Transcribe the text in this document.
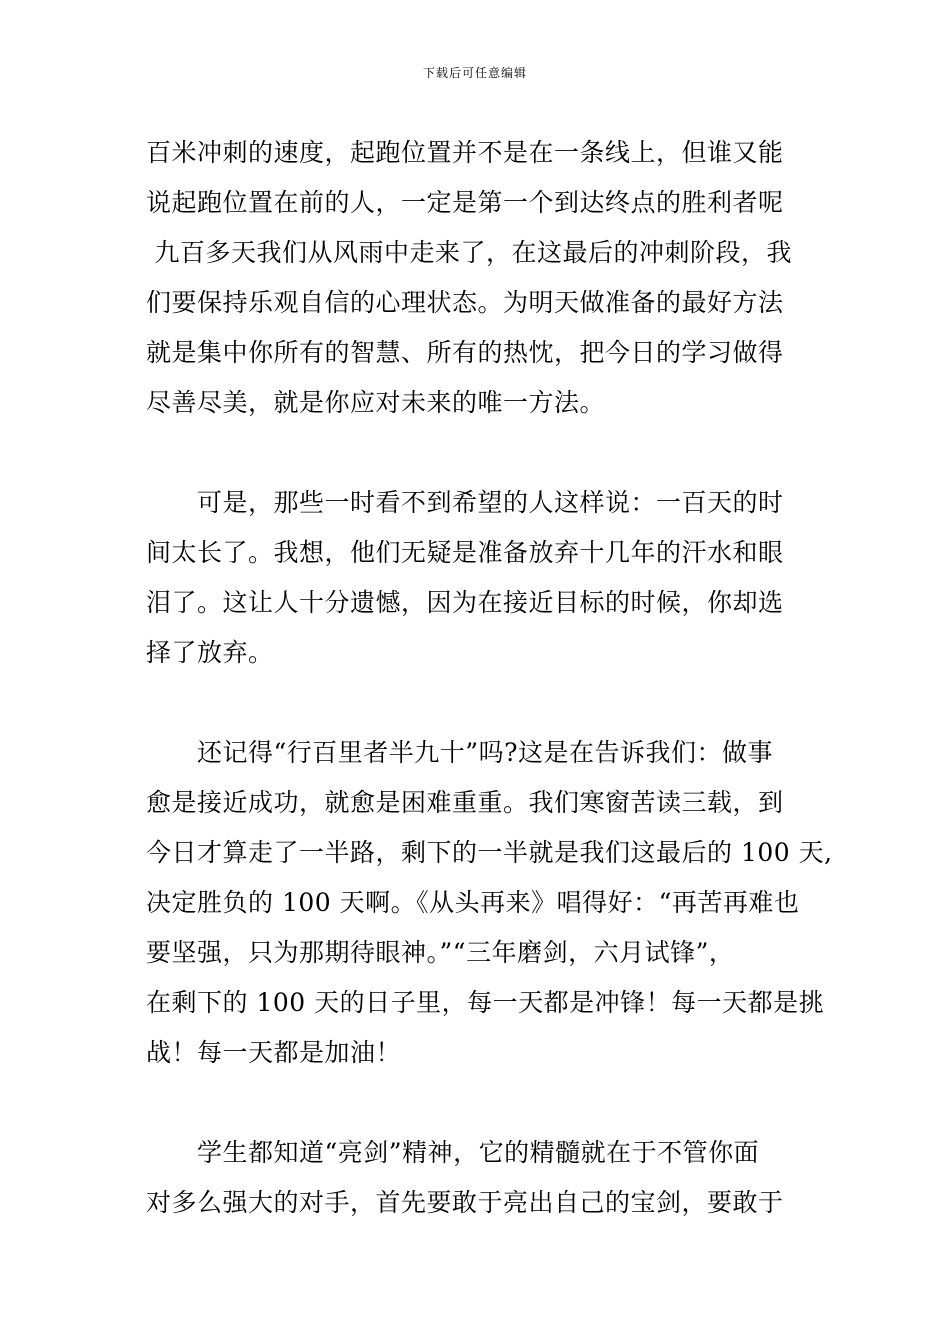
下载后可任意编辑
百米冲刺的速度，起跑位置并不是在一条线上，但谁又能
说起跑位置在前的人，一定是第一个到达终点的胜利者呢
九百多天我们从风雨中走来了，在这最后的冲刺阶段，我
们要保持乐观自信的心理状态。为明天做准备的最好方法
就是集中你所有的智慧、所有的热忱，把今日的学习做得
尽善尽美，就是你应对未来的唯一方法。
　　可是，那些一时看不到希望的人这样说：一百天的时
间太长了。我想，他们无疑是准备放弃十几年的汗水和眼
泪了。这让人十分遗憾，因为在接近目标的时候，你却选
择了放弃。
　　还记得“行百里者半九十”吗?这是在告诉我们：做事
愈是接近成功，就愈是困难重重。我们寒窗苦读三载，到
今日才算走了一半路，剩下的一半就是我们这最后的 100 天,
决定胜负的 100 天啊。《从头再来》唱得好：“再苦再难也
要坚强，只为那期待眼神。”“三年磨剑，六月试锋”，
在剩下的 100 天的日子里，每一天都是冲锋！每一天都是挑
战！每一天都是加油！
　　学生都知道“亮剑”精神，它的精髓就在于不管你面
对多么强大的对手，首先要敢于亮出自己的宝剑，要敢于
